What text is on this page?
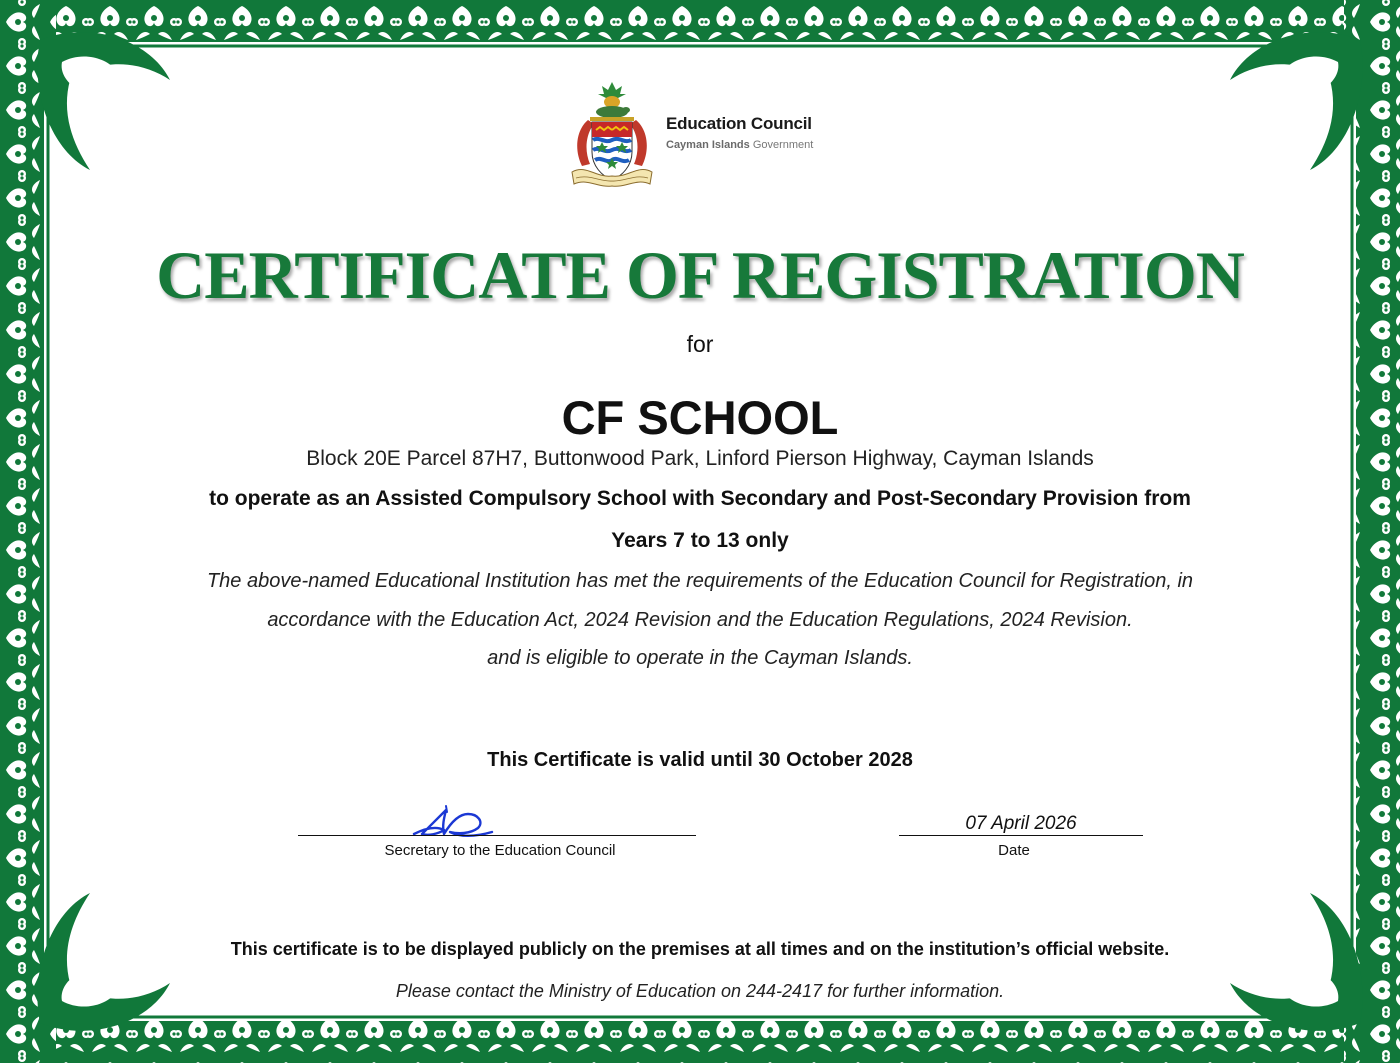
Education Council
Cayman Islands Government
CERTIFICATE OF REGISTRATION
for
CF SCHOOL
Block 20E Parcel 87H7, Buttonwood Park, Linford Pierson Highway, Cayman Islands
to operate as an Assisted Compulsory School with Secondary and Post-Secondary Provision from
Years 7 to 13 only
The above-named Educational Institution has met the requirements of the Education Council for Registration, in
accordance with the Education Act, 2024 Revision and the Education Regulations, 2024 Revision.
and is eligible to operate in the Cayman Islands.
This Certificate is valid until 30 October 2028
Secretary to the Education Council
07 April 2026
Date
This certificate is to be displayed publicly on the premises at all times and on the institution’s official website.
Please contact the Ministry of Education on 244-2417 for further information.
